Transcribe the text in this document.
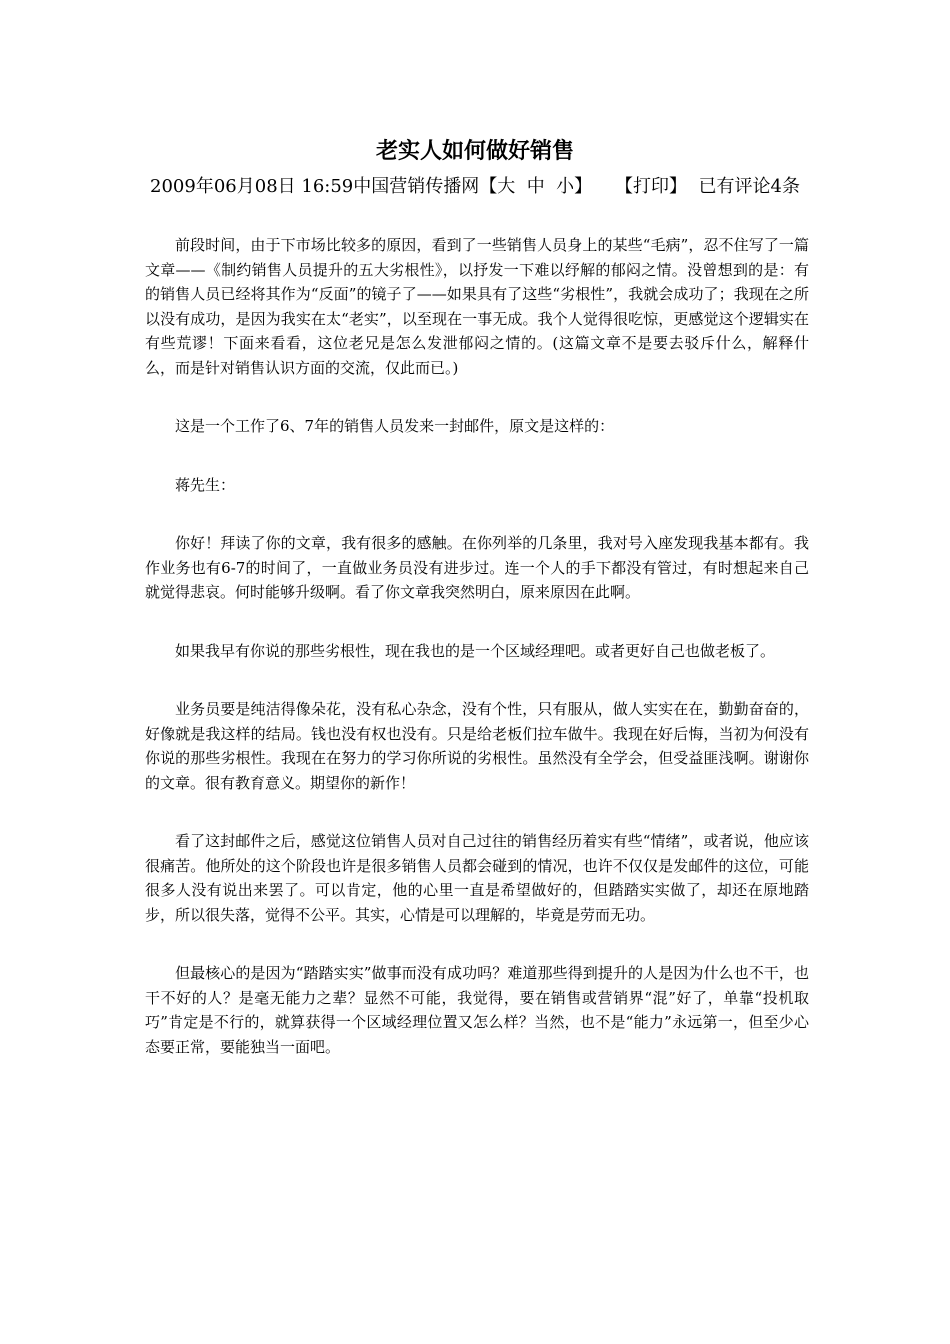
老实人如何做好销售

2009年06月08日 16:59中国营销传播网【大 中 小】 【打印】 已有评论4条

前段时间，由于下市场比较多的原因，看到了一些销售人员身上的某些“毛病”，忍不住写了一篇文章——《制约销售人员提升的五大劣根性》，以抒发一下难以纾解的郁闷之情。没曾想到的是：有的销售人员已经将其作为“反面”的镜子了——如果具有了这些“劣根性”，我就会成功了；我现在之所以没有成功，是因为我实在太“老实”，以至现在一事无成。我个人觉得很吃惊，更感觉这个逻辑实在有些荒谬！下面来看看，这位老兄是怎么发泄郁闷之情的。(这篇文章不是要去驳斥什么，解释什么，而是针对销售认识方面的交流，仅此而已。)

这是一个工作了6、7年的销售人员发来一封邮件，原文是这样的：

蒋先生：

你好！拜读了你的文章，我有很多的感触。在你列举的几条里，我对号入座发现我基本都有。我作业务也有6-7的时间了，一直做业务员没有进步过。连一个人的手下都没有管过，有时想起来自己就觉得悲哀。何时能够升级啊。看了你文章我突然明白，原来原因在此啊。

如果我早有你说的那些劣根性，现在我也的是一个区域经理吧。或者更好自己也做老板了。

业务员要是纯洁得像朵花，没有私心杂念，没有个性，只有服从，做人实实在在，勤勤奋奋的，好像就是我这样的结局。钱也没有权也没有。只是给老板们拉车做牛。我现在好后悔，当初为何没有你说的那些劣根性。我现在在努力的学习你所说的劣根性。虽然没有全学会，但受益匪浅啊。谢谢你的文章。很有教育意义。期望你的新作！

看了这封邮件之后，感觉这位销售人员对自己过往的销售经历着实有些“情绪”，或者说，他应该很痛苦。他所处的这个阶段也许是很多销售人员都会碰到的情况，也许不仅仅是发邮件的这位，可能很多人没有说出来罢了。可以肯定，他的心里一直是希望做好的，但踏踏实实做了，却还在原地踏步，所以很失落，觉得不公平。其实，心情是可以理解的，毕竟是劳而无功。

但最核心的是因为“踏踏实实”做事而没有成功吗？难道那些得到提升的人是因为什么也不干，也干不好的人？是毫无能力之辈？显然不可能，我觉得，要在销售或营销界“混”好了，单靠“投机取巧”肯定是不行的，就算获得一个区域经理位置又怎么样？当然，也不是“能力”永远第一，但至少心态要正常，要能独当一面吧。
